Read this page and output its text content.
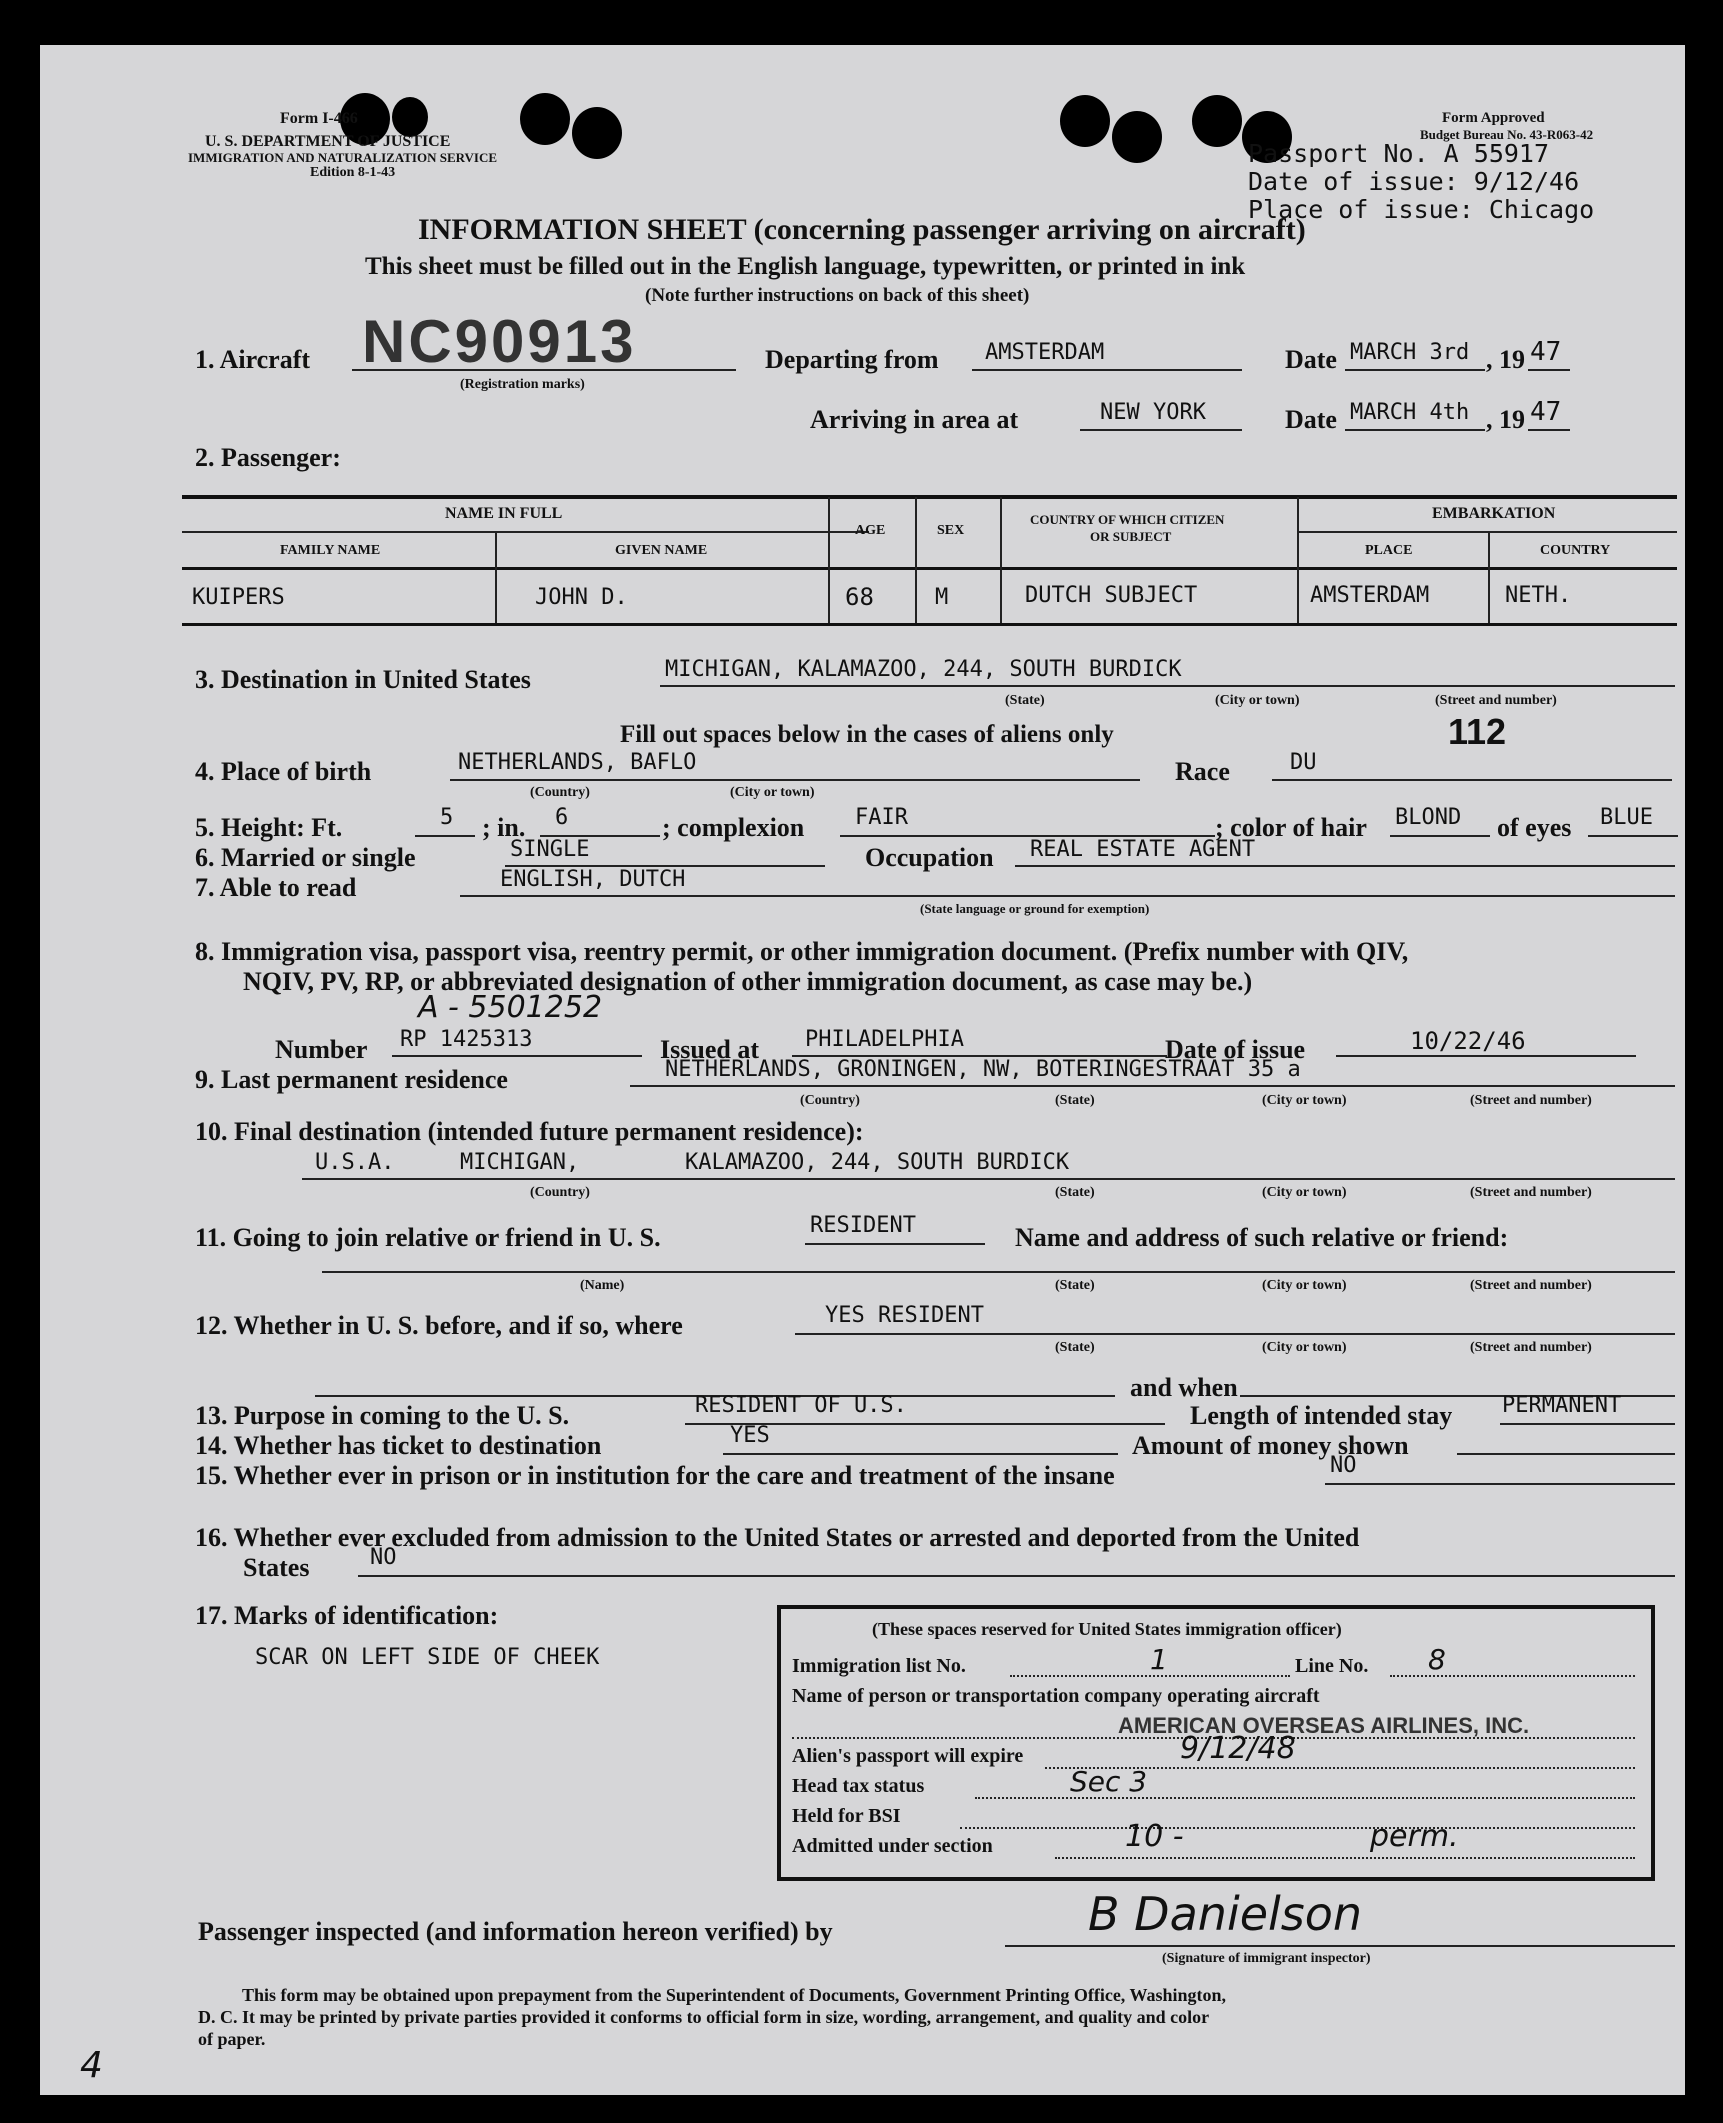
Form I-466
U. S. DEPARTMENT OF JUSTICE
IMMIGRATION AND NATURALIZATION SERVICE
Edition 8-1-43
Form Approved
Budget Bureau No. 43-R063-42
Passport No. A 55917
Date of issue: 9/12/46
Place of issue: Chicago
INFORMATION SHEET (concerning passenger arriving on aircraft)
This sheet must be filled out in the English language, typewritten, or printed in ink
(Note further instructions on back of this sheet)
1. Aircraft NC90913
(Registration marks)
Departing from AMSTERDAM	Date MARCH 3rd , 19 47
Arriving in area at	NEW YORK	Date MARCH 4th , 19 47
2. Passenger:
NAME IN FULL
FAMILY NAME	GIVEN NAME
AGE	SEX
COUNTRY OF WHICH CITIZEN
OR SUBJECT
EMBARKATION
PLACE	COUNTRY
KUIPERS	JOHN D.	68	M	DUTCH SUBJECT	AMSTERDAM	NETH.
3. Destination in United States	MICHIGAN, KALAMAZOO, 244, SOUTH BURDICK
(State)	(City or town)	(Street and number)
Fill out spaces below in the cases of aliens only	112
4. Place of birth	NETHERLANDS, BAFLO
(Country)	(City or town)
Race	DU
5. Height: Ft.	5 ; in. 6	; complexion FAIR	; color of hair BLOND of eyes BLUE
6. Married or single	SINGLE	Occupation REAL ESTATE AGENT
7. Able to read	ENGLISH, DUTCH
(State language or ground for exemption)
8. Immigration visa, passport visa, reentry permit, or other immigration document. (Prefix number with QIV,
NQIV, PV, RP, or abbreviated designation of other immigration document, as case may be.)
A - 5501252
Number RP 1425313	Issued at PHILADELPHIA	Date of issue	10/22/46
9. Last permanent residence	NETHERLANDS, GRONINGEN, NW, BOTERINGESTRAAT 35 a
(Country)	(State)	(City or town)	(Street and number)
10. Final destination (intended future permanent residence):
U.S.A.	MICHIGAN,	KALAMAZOO, 244, SOUTH BURDICK
(Country)	(State)	(City or town)	(Street and number)
11. Going to join relative or friend in U. S.	RESIDENT	Name and address of such relative or friend:
(Name)	(State)	(City or town)	(Street and number)
12. Whether in U. S. before, and if so, where	YES RESIDENT
(State)	(City or town)	(Street and number)
and when
13. Purpose in coming to the U. S.	RESIDENT OF U.S.	Length of intended stay PERMANENT
14. Whether has ticket to destination	YES	Amount of money shown
15. Whether ever in prison or in institution for the care and treatment of the insane	NO
16. Whether ever excluded from admission to the United States or arrested and deported from the United
States	NO
17. Marks of identification:
SCAR ON LEFT SIDE OF CHEEK
(These spaces reserved for United States immigration officer)
Immigration list No.	1	Line No. 8
Name of person or transportation company operating aircraft
AMERICAN OVERSEAS AIRLINES, INC.
Alien's passport will expire	9/12/48
Head tax status	Sec 3
Held for BSI
Admitted under section	10 -	perm.
Passenger inspected (and information hereon verified) by	B Danielson
(Signature of immigrant inspector)
This form may be obtained upon prepayment from the Superintendent of Documents, Government Printing Office, Washington,
D. C. It may be printed by private parties provided it conforms to official form in size, wording, arrangement, and quality and color
of paper.
4
